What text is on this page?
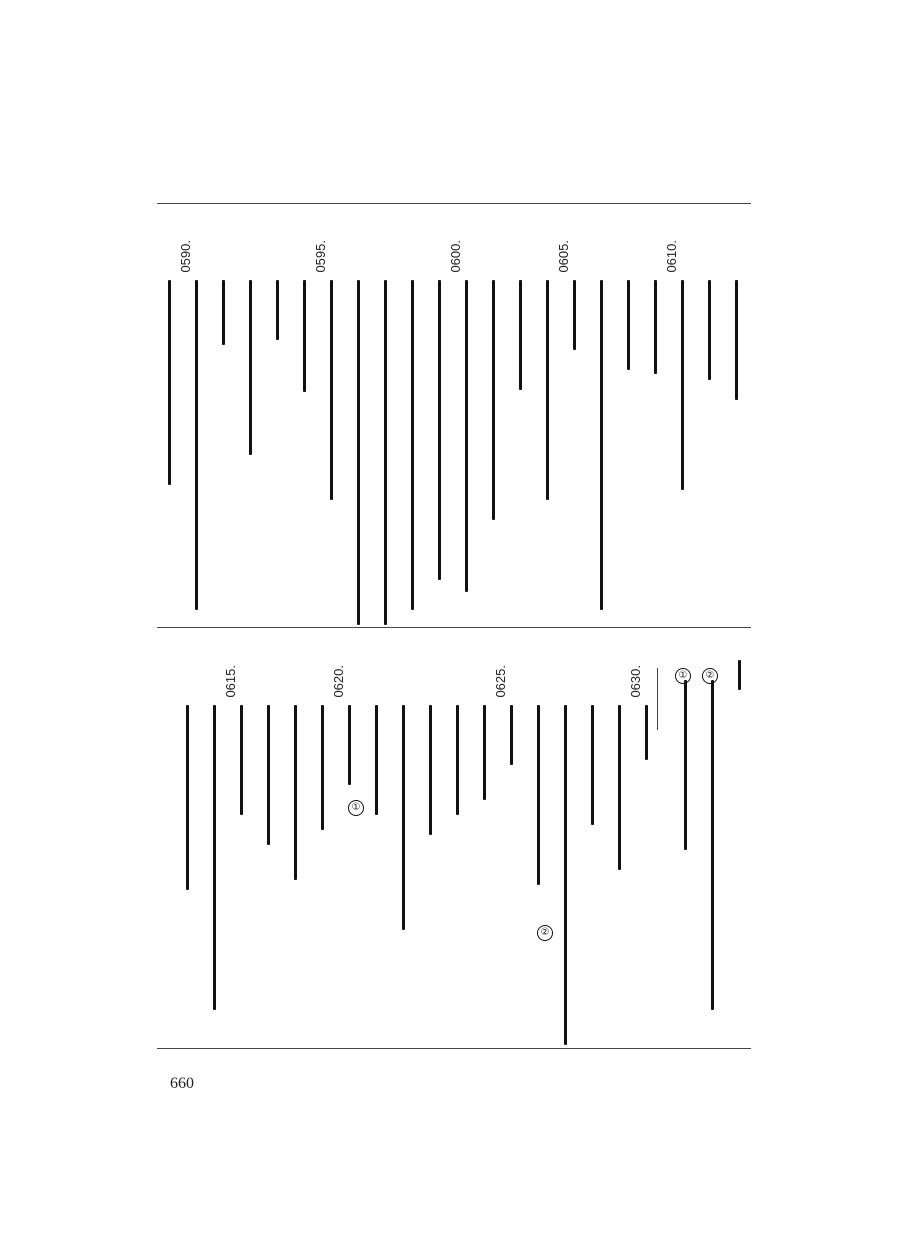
0610.
0605.
0600.
0595.
0590.
②
①
②
①
0630.
0625.
0620.
0615.
660
